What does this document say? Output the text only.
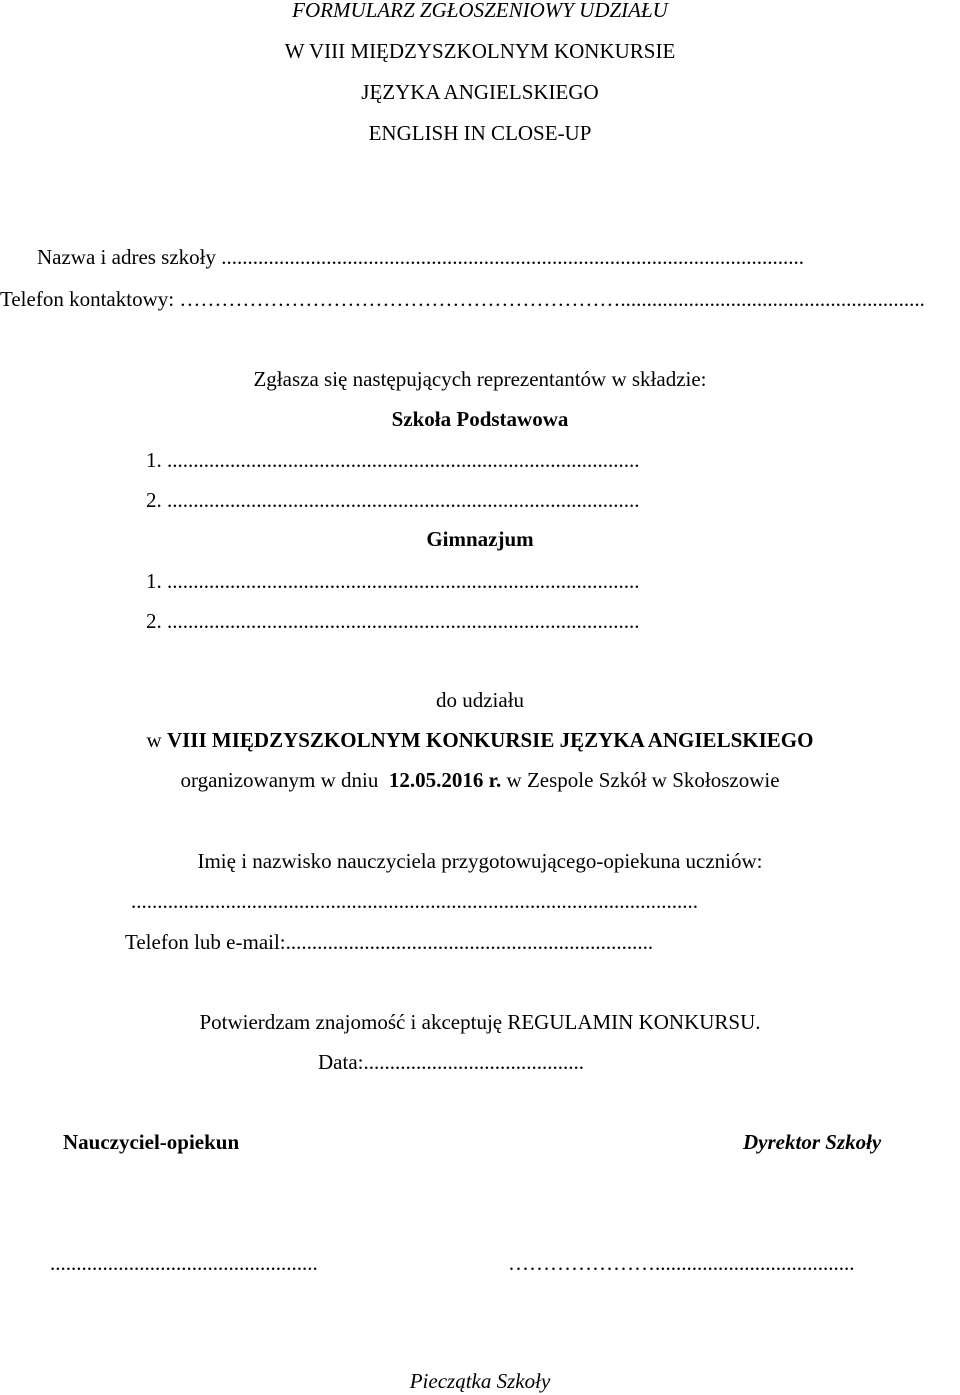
FORMULARZ ZGŁOSZENIOWY UDZIAŁU
W VIII MIĘDZYSZKOLNYM KONKURSIE
JĘZYKA ANGIELSKIEGO
ENGLISH IN CLOSE-UP
Nazwa i adres szkoły ...............................................................................................................
Telefon kontaktowy: ………………………………………………………..........................................................
Zgłasza się następujących reprezentantów w składzie:
Szkoła Podstawowa
1. ..........................................................................................
2. ..........................................................................................
Gimnazjum
1. ..........................................................................................
2. ..........................................................................................
do udziału
w VIII MIĘDZYSZKOLNYM KONKURSIE JĘZYKA ANGIELSKIEGO
organizowanym w dniu  12.05.2016 r. w Zespole Szkół w Skołoszowie
Imię i nazwisko nauczyciela przygotowującego-opiekuna uczniów:
............................................................................................................
Telefon lub e-mail:......................................................................
Potwierdzam znajomość i akceptuję REGULAMIN KONKURSU.
Data:..........................................
Nauczyciel-opiekun	Dyrektor Szkoły
...................................................	…………………......................................
Pieczątka Szkoły
